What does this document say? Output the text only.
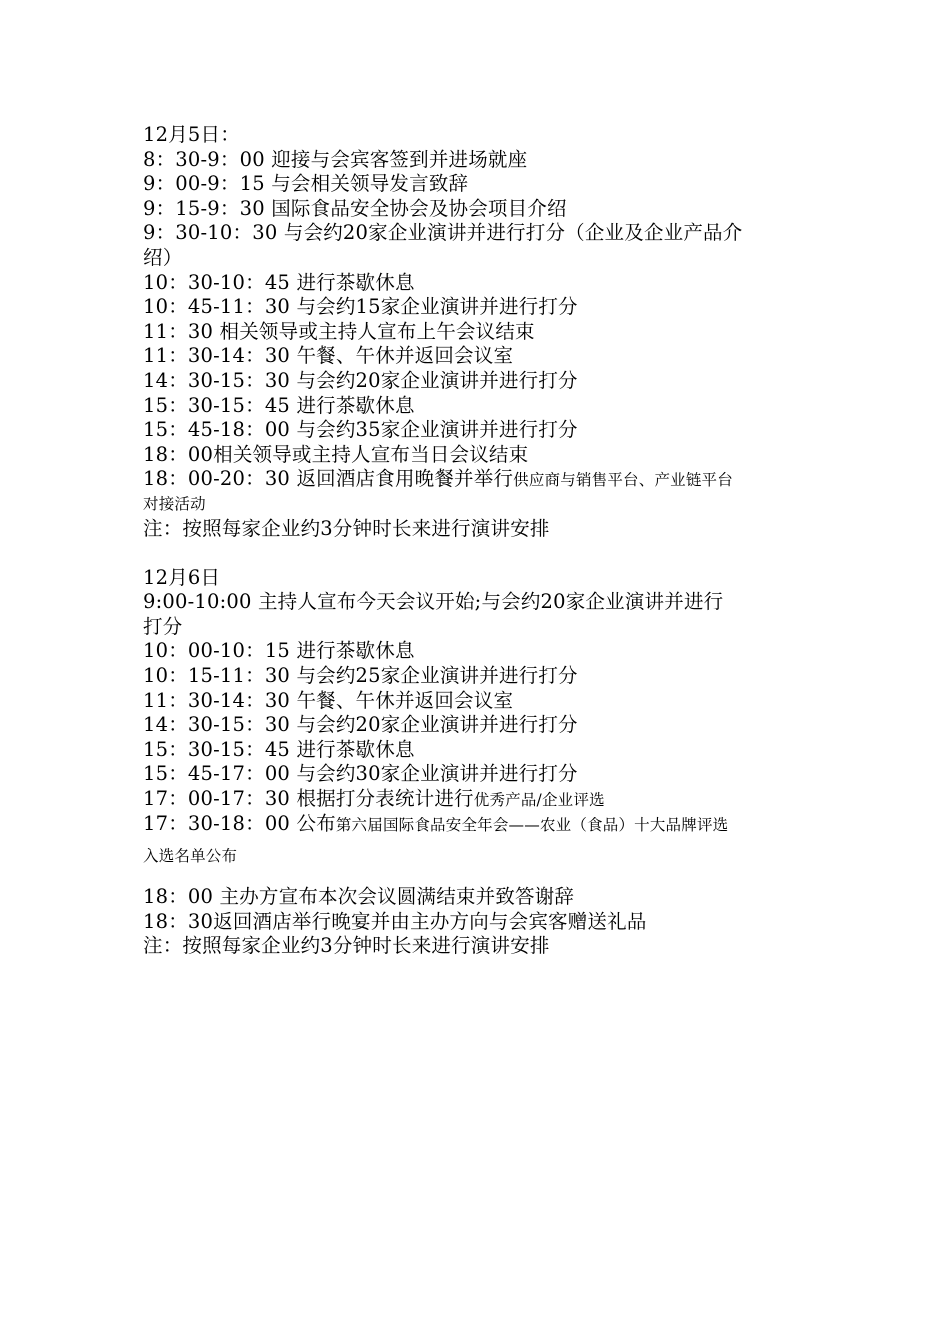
12月5日：
8：30-9：00 迎接与会宾客签到并进场就座
9：00-9：15 与会相关领导发言致辞
9：15-9：30 国际食品安全协会及协会项目介绍
9：30-10：30 与会约20家企业演讲并进行打分（企业及企业产品介
绍）
10：30-10：45 进行茶歇休息
10：45-11：30 与会约15家企业演讲并进行打分
11：30 相关领导或主持人宣布上午会议结束
11：30-14：30 午餐、午休并返回会议室
14：30-15：30 与会约20家企业演讲并进行打分
15：30-15：45 进行茶歇休息
15：45-18：00 与会约35家企业演讲并进行打分
18：00相关领导或主持人宣布当日会议结束
18：00-20：30 返回酒店食用晚餐并举行供应商与销售平台、产业链平台
对接活动
注：按照每家企业约3分钟时长来进行演讲安排
12月6日
9:00-10:00 主持人宣布今天会议开始;与会约20家企业演讲并进行
打分
10：00-10：15 进行茶歇休息
10：15-11：30 与会约25家企业演讲并进行打分
11：30-14：30 午餐、午休并返回会议室
14：30-15：30 与会约20家企业演讲并进行打分
15：30-15：45 进行茶歇休息
15：45-17：00 与会约30家企业演讲并进行打分
17：00-17：30 根据打分表统计进行优秀产品/企业评选
17：30-18：00 公布第六届国际食品安全年会——农业（食品）十大品牌评选
入选名单公布
18：00 主办方宣布本次会议圆满结束并致答谢辞
18：30返回酒店举行晚宴并由主办方向与会宾客赠送礼品
注：按照每家企业约3分钟时长来进行演讲安排
